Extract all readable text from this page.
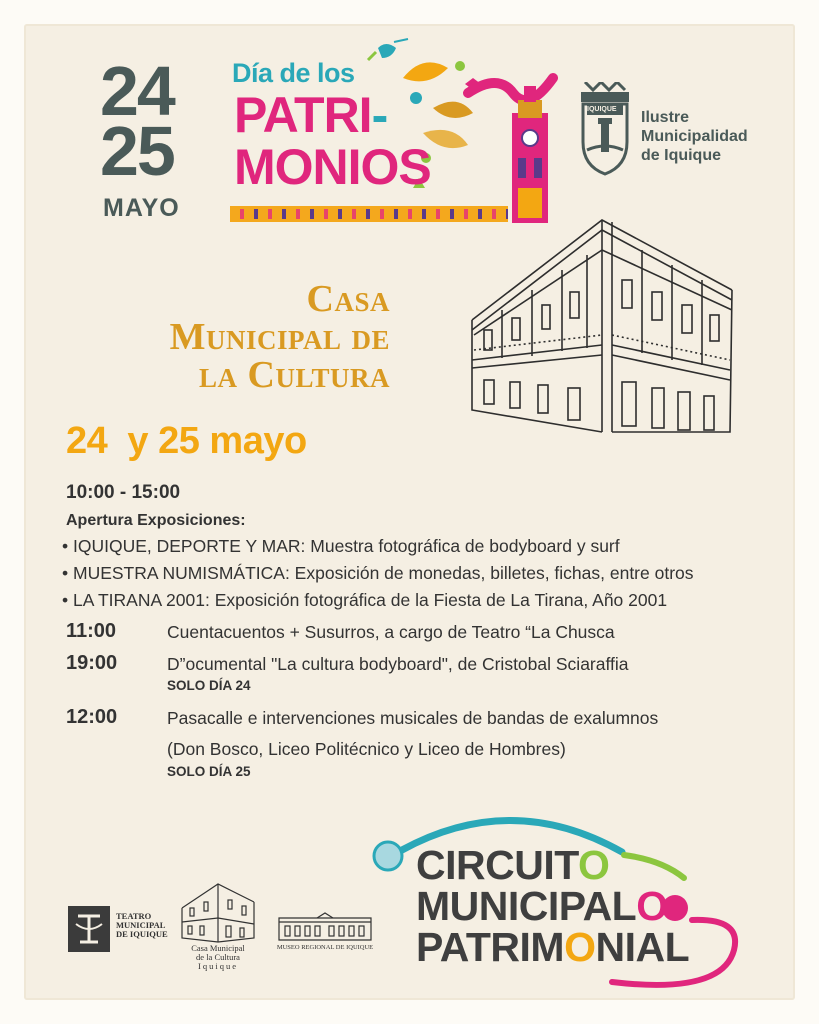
24
25
MAYO
Día de los
PATRI-
MONIOS
IQUIQUE Ilustre
Municipalidad
de Iquique
Casa
Municipal de
la Cultura
24  y 25 mayo
10:00 - 15:00
Apertura Exposiciones:
• IQUIQUE, DEPORTE Y MAR: Muestra fotográfica de bodyboard y surf
• MUESTRA NUMISMÁTICA: Exposición de monedas, billetes, fichas, entre otros
• LA TIRANA 2001: Exposición fotográfica de la Fiesta de La Tirana, Año 2001
11:00	Cuentacuentos + Susurros, a cargo de Teatro “La Chusca
19:00	D”ocumental "La cultura bodyboard", de Cristobal Sciaraffia
SOLO DÍA 24
12:00	Pasacalle e intervenciones musicales de bandas de exalumnos
(Don Bosco, Liceo Politécnico y Liceo de Hombres)
SOLO DÍA 25
CIRCUITO
MUNICIPALO
PATRIMONIAL
TEATRO
MUNICIPAL
DE IQUIQUE
Casa Municipal
de la Cultura
Iquique
MUSEO REGIONAL DE IQUIQUE
